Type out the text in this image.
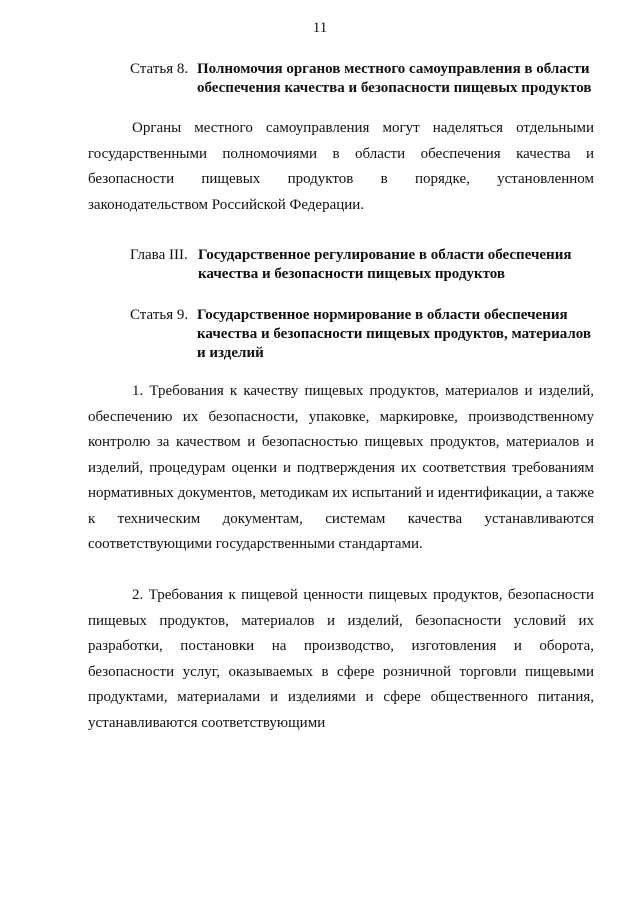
11
Статья 8. Полномочия органов местного самоуправления в области обеспечения качества и безопасности пищевых продуктов

Органы местного самоуправления могут наделяться отдельными государственными полномочиями в области обеспечения качества и безопасности пищевых продуктов в порядке, установленном законодательством Российской Федерации.

Глава III. Государственное регулирование в области обеспечения качества и безопасности пищевых продуктов
Статья 9. Государственное нормирование в области обеспечения качества и безопасности пищевых продуктов, материалов и изделий

1. Требования к качеству пищевых продуктов, материалов и изделий, обеспечению их безопасности, упаковке, маркировке, производственному контролю за качеством и безопасностью пищевых продуктов, материалов и изделий, процедурам оценки и подтверждения их соответствия требованиям нормативных документов, методикам их испытаний и идентификации, а также к техническим документам, системам качества устанавливаются соответствующими государственными стандартами.

2. Требования к пищевой ценности пищевых продуктов, безопасности пищевых продуктов, материалов и изделий, безопасности условий их разработки, постановки на производство, изготовления и оборота, безопасности услуг, оказываемых в сфере розничной торговли пищевыми продуктами, материалами и изделиями и сфере общественного питания, устанавливаются соответствующими
